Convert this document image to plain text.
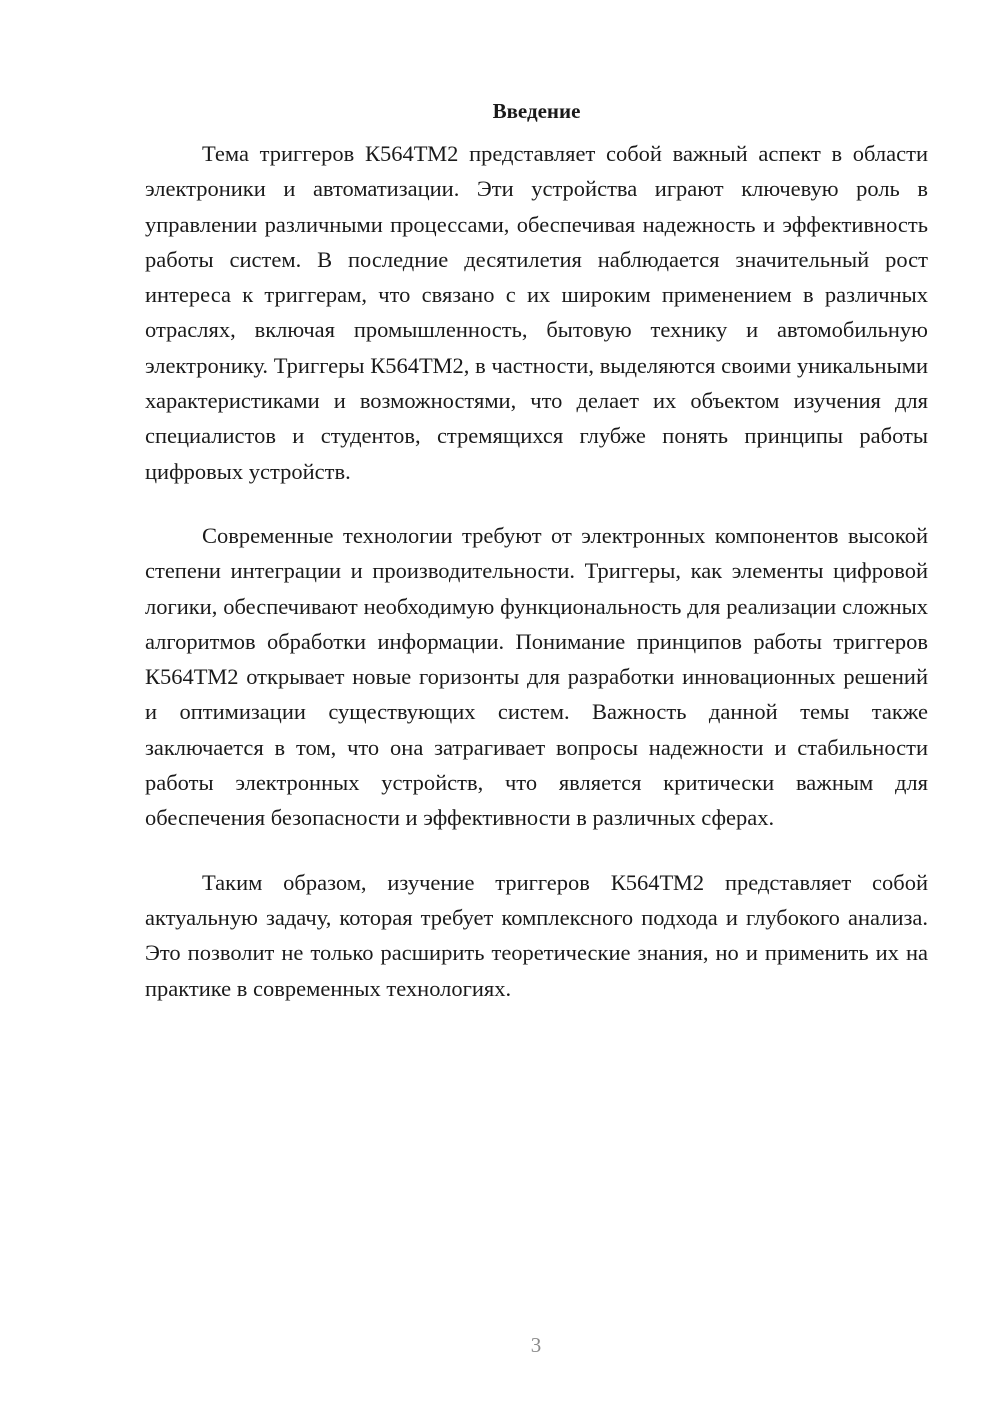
Введение

Тема триггеров К564ТМ2 представляет собой важный аспект в области электроники и автоматизации. Эти устройства играют ключевую роль в управлении различными процессами, обеспечивая надежность и эффективность работы систем. В последние десятилетия наблюдается значительный рост интереса к триггерам, что связано с их широким применением в различных отраслях, включая промышленность, бытовую технику и автомобильную электронику. Триггеры К564ТМ2, в частности, выделяются своими уникальными характеристиками и возможностями, что делает их объектом изучения для специалистов и студентов, стремящихся глубже понять принципы работы цифровых устройств.

Современные технологии требуют от электронных компонентов высокой степени интеграции и производительности. Триггеры, как элементы цифровой логики, обеспечивают необходимую функциональность для реализации сложных алгоритмов обработки информации. Понимание принципов работы триггеров К564ТМ2 открывает новые горизонты для разработки инновационных решений и оптимизации существующих систем. Важность данной темы также заключается в том, что она затрагивает вопросы надежности и стабильности работы электронных устройств, что является критически важным для обеспечения безопасности и эффективности в различных сферах.

Таким образом, изучение триггеров К564ТМ2 представляет собой актуальную задачу, которая требует комплексного подхода и глубокого анализа. Это позволит не только расширить теоретические знания, но и применить их на практике в современных технологиях.

3
